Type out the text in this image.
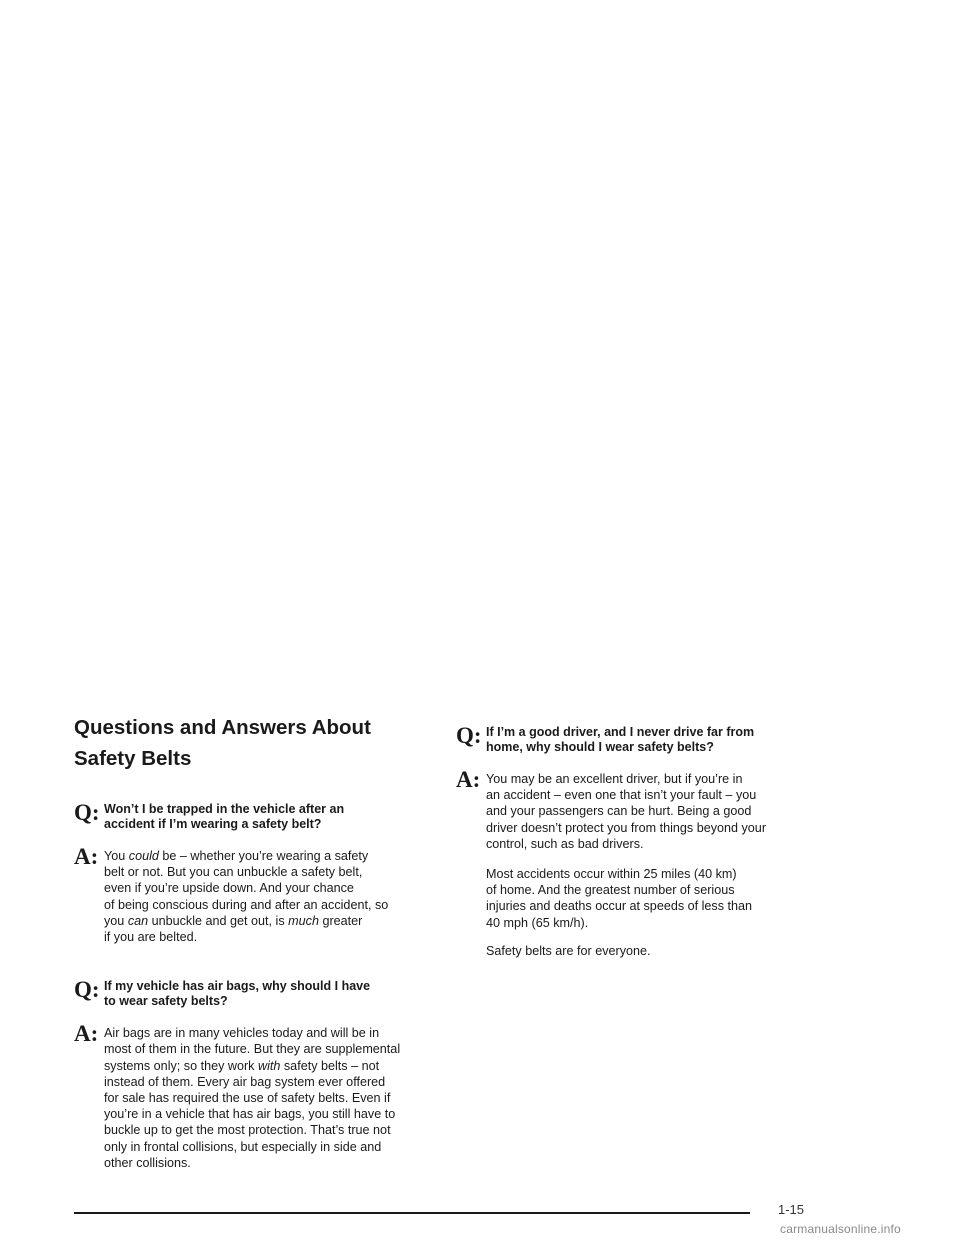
Questions and Answers About
Safety Belts
Q: Won’t I be trapped in the vehicle after an
accident if I’m wearing a safety belt?

A: You could be – whether you’re wearing a safety
belt or not. But you can unbuckle a safety belt,
even if you’re upside down. And your chance
of being conscious during and after an accident, so
you can unbuckle and get out, is much greater
if you are belted.

Q: If my vehicle has air bags, why should I have
to wear safety belts?

A: Air bags are in many vehicles today and will be in
most of them in the future. But they are supplemental
systems only; so they work with safety belts – not
instead of them. Every air bag system ever offered
for sale has required the use of safety belts. Even if
you’re in a vehicle that has air bags, you still have to
buckle up to get the most protection. That’s true not
only in frontal collisions, but especially in side and
other collisions.

Q: If I’m a good driver, and I never drive far from
home, why should I wear safety belts?

A: You may be an excellent driver, but if you’re in
an accident – even one that isn’t your fault – you
and your passengers can be hurt. Being a good
driver doesn’t protect you from things beyond your
control, such as bad drivers.

Most accidents occur within 25 miles (40 km)
of home. And the greatest number of serious
injuries and deaths occur at speeds of less than
40 mph (65 km/h).

Safety belts are for everyone.

1-15
carmanualsonline.info
